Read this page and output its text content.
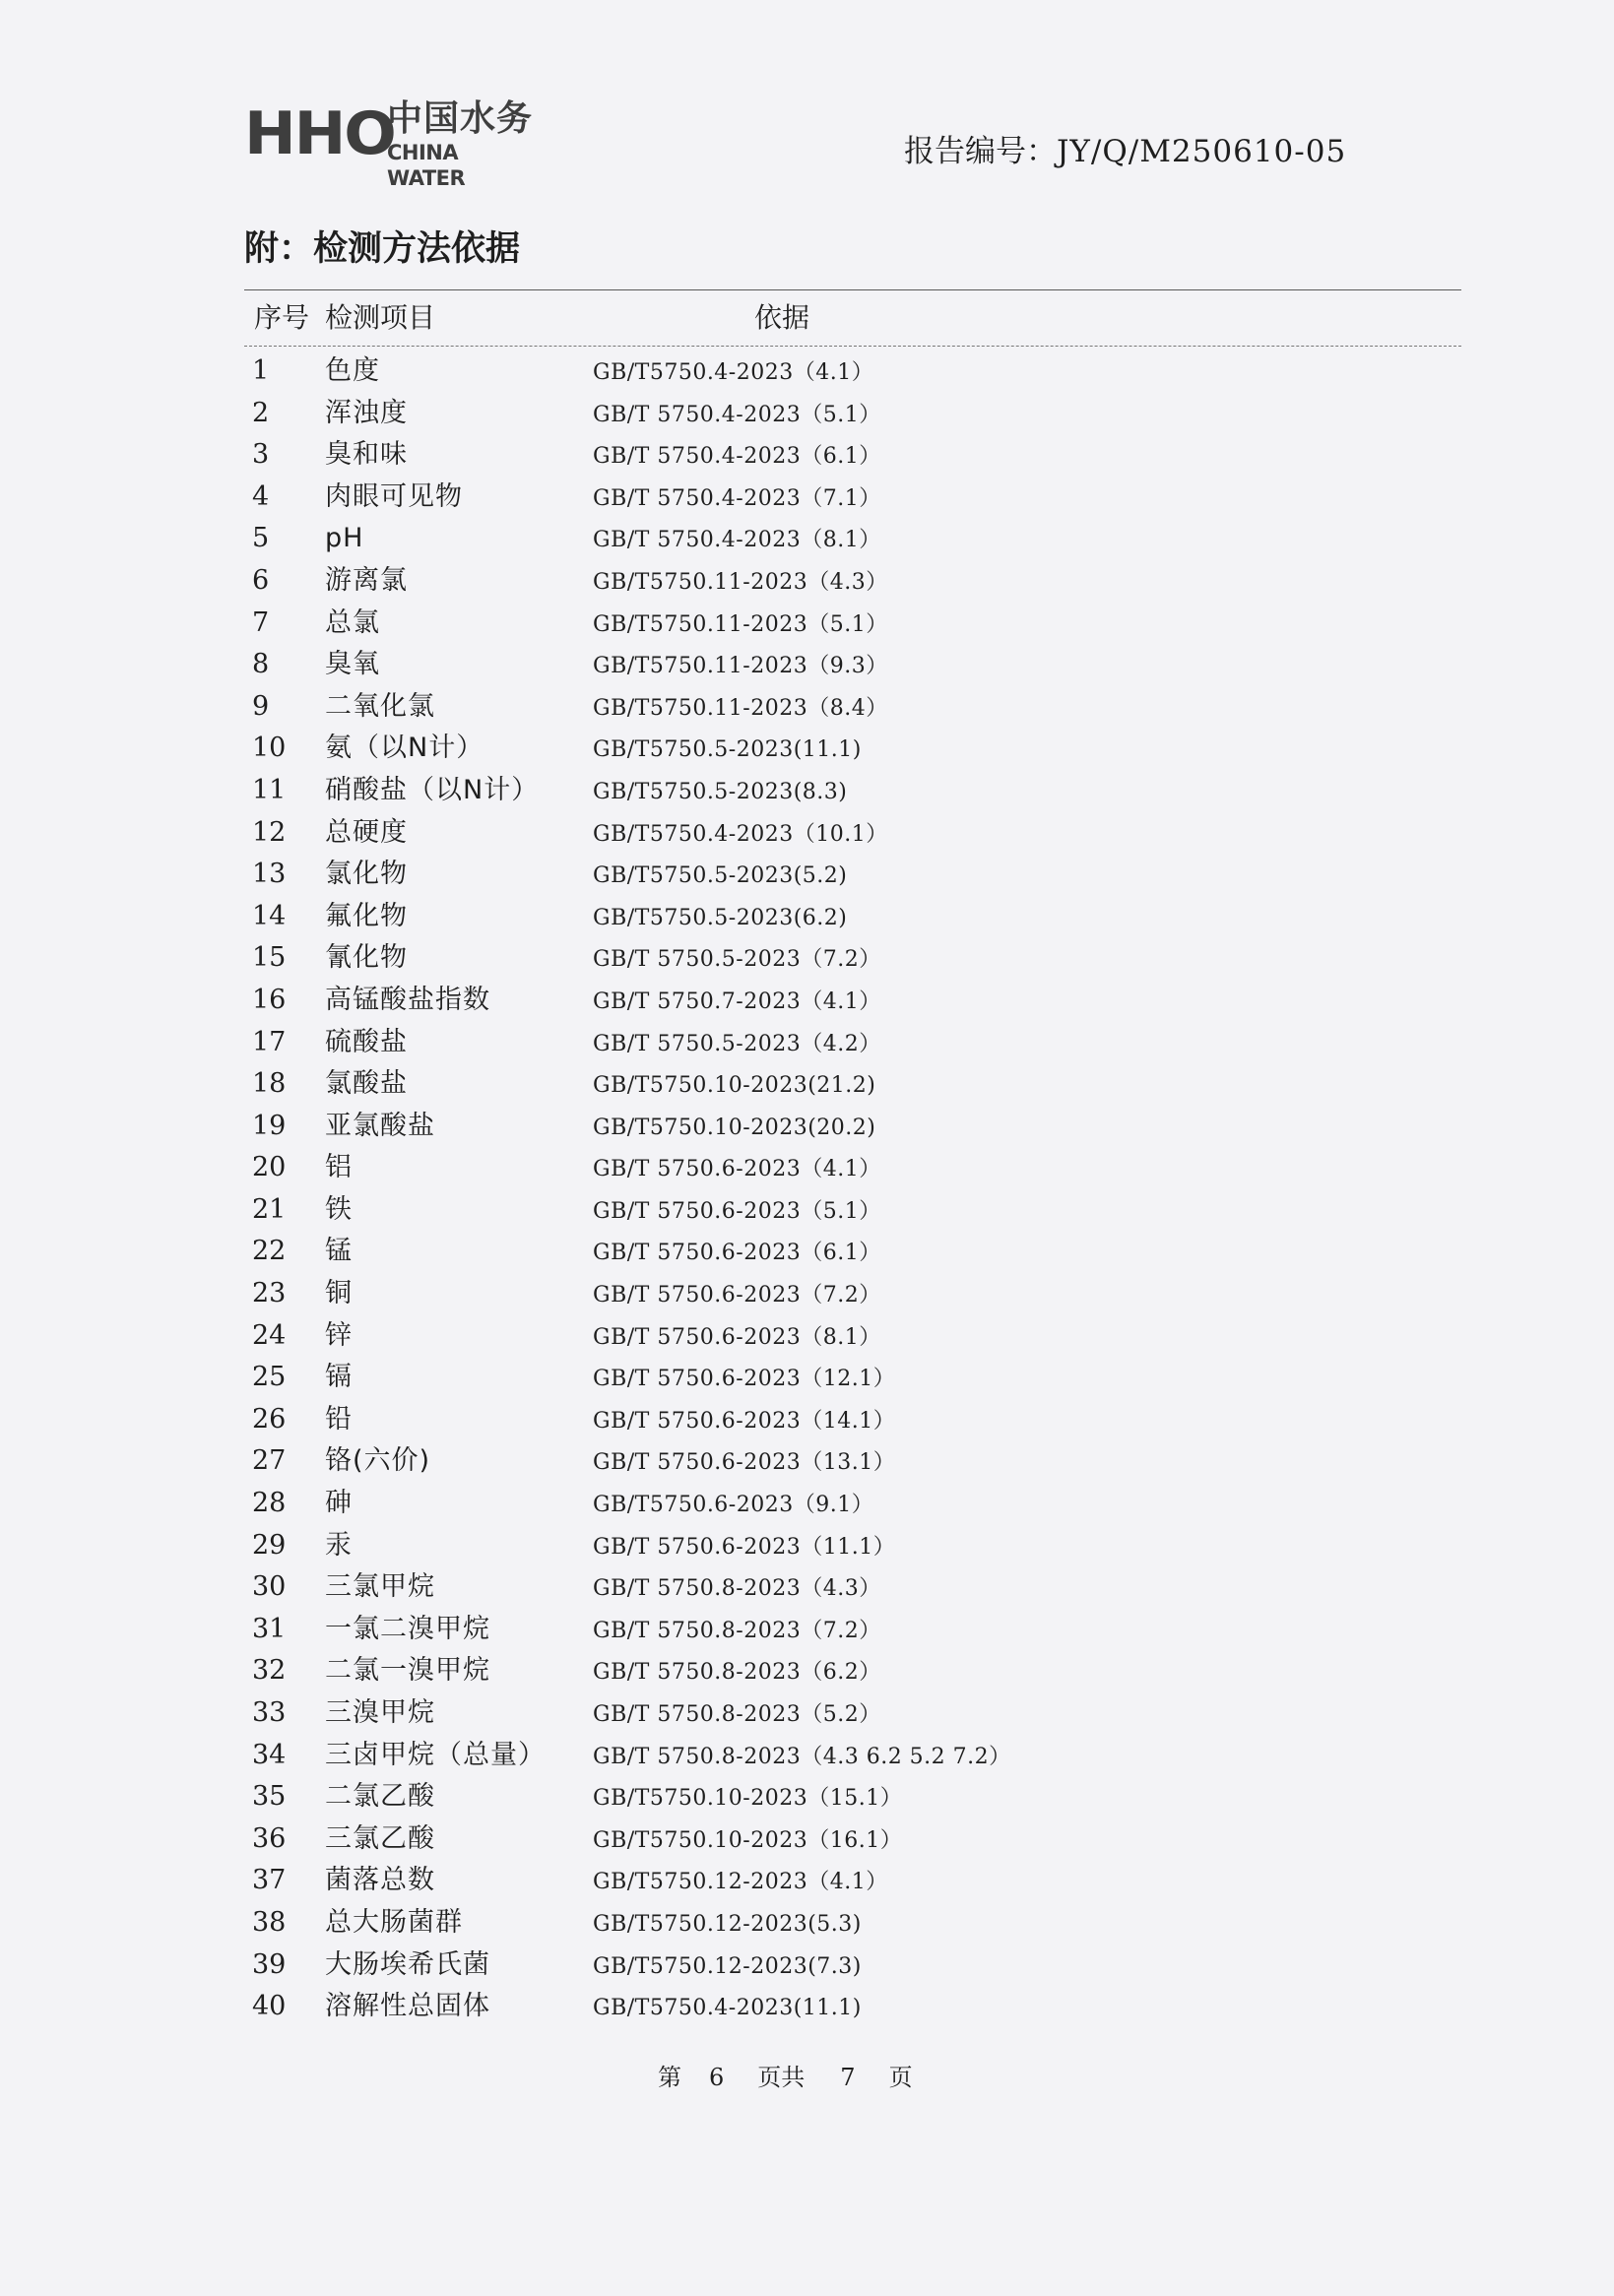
HHO
中国水务
CHINA WATER
报告编号：JY/Q/M250610-05
附：检测方法依据
序号 检测项目	依据
1	色度	GB/T5750.4-2023（4.1）
2	浑浊度	GB/T 5750.4-2023（5.1）
3	臭和味	GB/T 5750.4-2023（6.1）
4	肉眼可见物	GB/T 5750.4-2023（7.1）
5	pH	GB/T 5750.4-2023（8.1）
6	游离氯	GB/T5750.11-2023（4.3）
7	总氯	GB/T5750.11-2023（5.1）
8	臭氧	GB/T5750.11-2023（9.3）
9	二氧化氯	GB/T5750.11-2023（8.4）
10	氨（以N计）	GB/T5750.5-2023(11.1)
11	硝酸盐（以N计） GB/T5750.5-2023(8.3)
12	总硬度	GB/T5750.4-2023（10.1）
13	氯化物	GB/T5750.5-2023(5.2)
14	氟化物	GB/T5750.5-2023(6.2)
15	氰化物	GB/T 5750.5-2023（7.2）
16	高锰酸盐指数	GB/T 5750.7-2023（4.1）
17	硫酸盐	GB/T 5750.5-2023（4.2）
18	氯酸盐	GB/T5750.10-2023(21.2)
19	亚氯酸盐	GB/T5750.10-2023(20.2)
20	铝	GB/T 5750.6-2023（4.1）
21	铁	GB/T 5750.6-2023（5.1）
22	锰	GB/T 5750.6-2023（6.1）
23	铜	GB/T 5750.6-2023（7.2）
24	锌	GB/T 5750.6-2023（8.1）
25	镉	GB/T 5750.6-2023（12.1）
26	铅	GB/T 5750.6-2023（14.1）
27	铬(六价)	GB/T 5750.6-2023（13.1）
28	砷	GB/T5750.6-2023（9.1）
29	汞	GB/T 5750.6-2023（11.1）
30	三氯甲烷	GB/T 5750.8-2023（4.3）
31	一氯二溴甲烷	GB/T 5750.8-2023（7.2）
32	二氯一溴甲烷	GB/T 5750.8-2023（6.2）
33	三溴甲烷	GB/T 5750.8-2023（5.2）
34	三卤甲烷（总量） GB/T 5750.8-2023（4.3 6.2 5.2 7.2）
35	二氯乙酸	GB/T5750.10-2023（15.1）
36	三氯乙酸	GB/T5750.10-2023（16.1）
37	菌落总数	GB/T5750.12-2023（4.1）
38	总大肠菌群	GB/T5750.12-2023(5.3)
39	大肠埃希氏菌	GB/T5750.12-2023(7.3)
40	溶解性总固体	GB/T5750.4-2023(11.1)
第 6 页共 7 页
